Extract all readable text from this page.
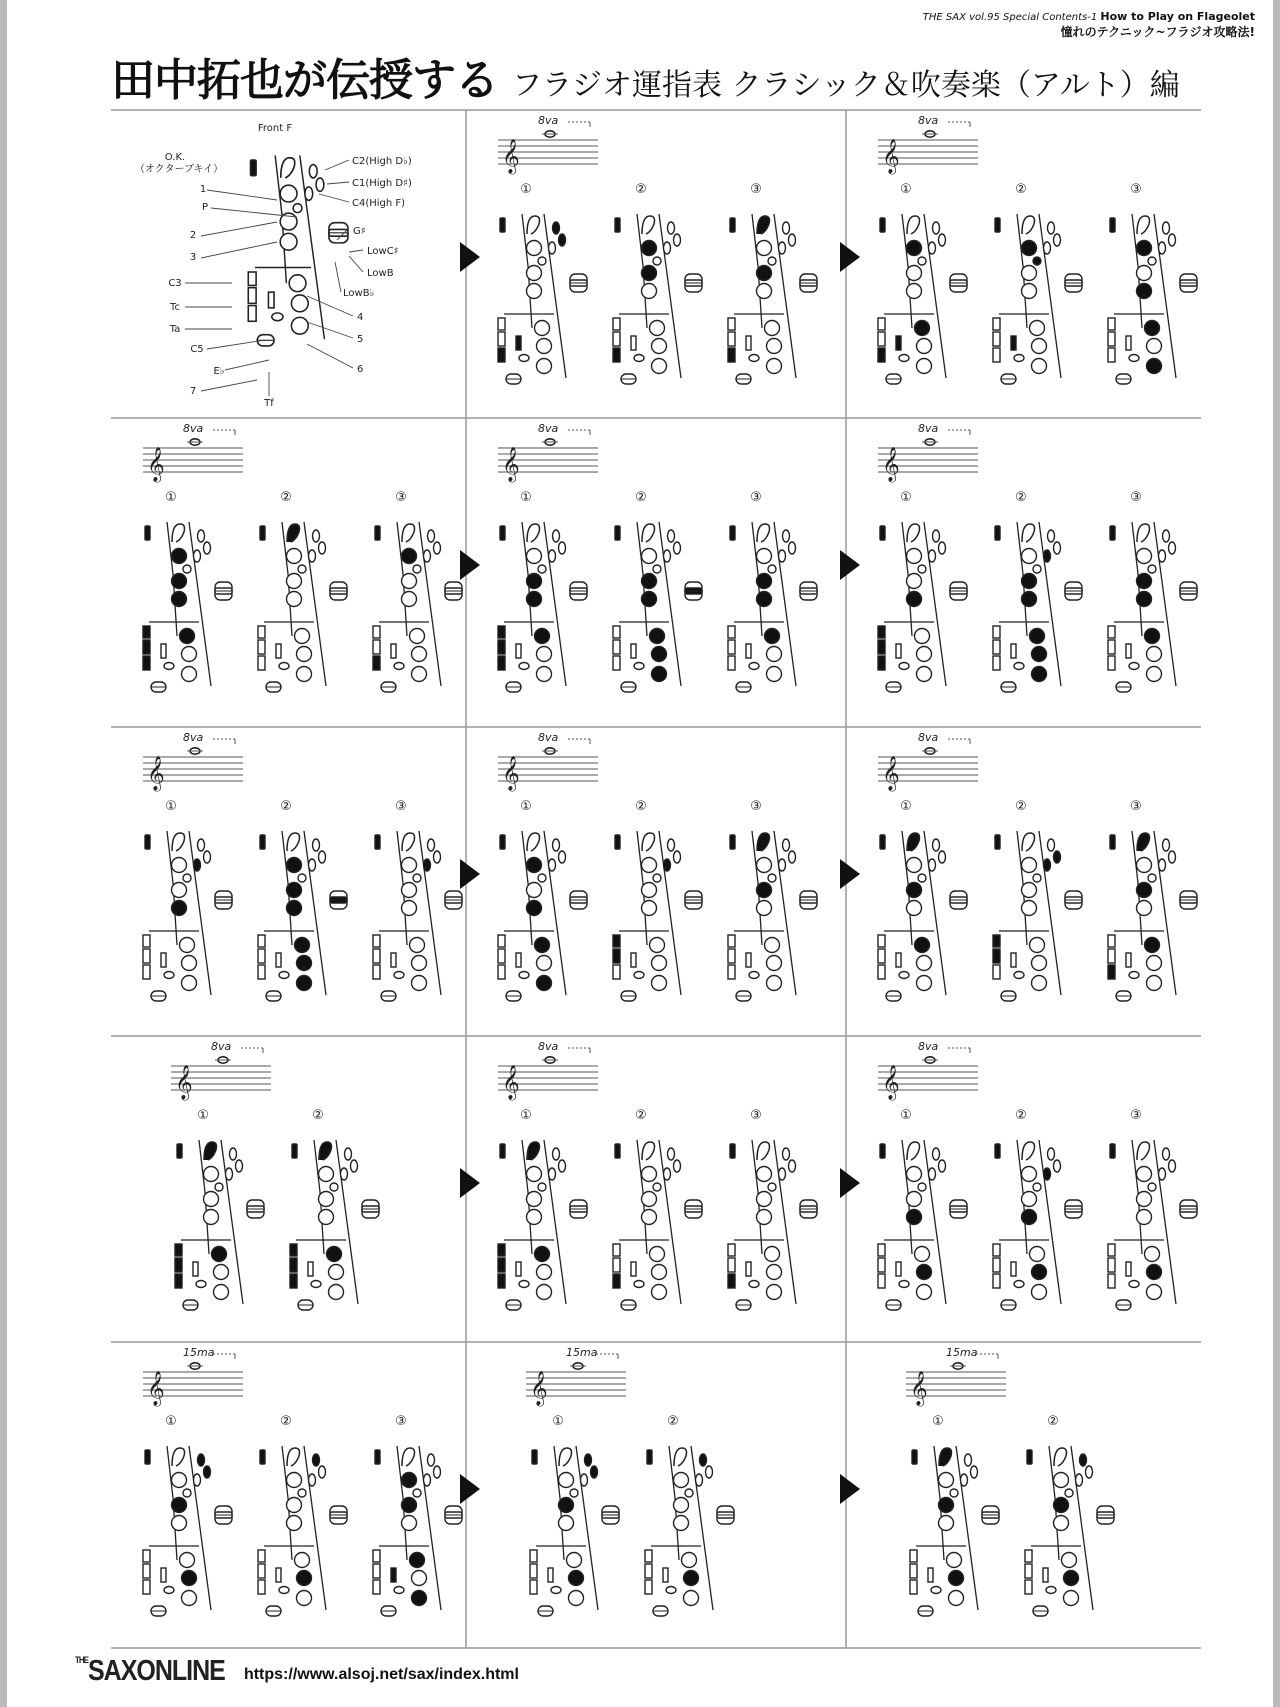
THE SAX vol.95 Special Contents-1 How to Play on Flageolet
憧れのテクニック~フラジオ攻略法!
田中拓也が伝授する フラジオ運指表 クラシック＆吹奏楽（アルト）編
𝄞
8va
①	②	③
𝄞
8va
①	②	③
𝄞
8va
①	②	③
𝄞
8va
①	②	③
𝄞
8va
①	②	③
𝄞
8va
①	②	③
𝄞
8va
①	②	③
𝄞
8va
①	②	③
𝄞
8va
①	②
𝄞
8va
①	②	③
𝄞
8va
①	②	③
𝄞
15ma
①	②	③
𝄞
15ma
①	②
𝄞
15ma
①	②
Front F
O.K.
（オクターブキイ）
1
P
2
3
C3
Tc
Ta
C5
E♭
7
Tf
C2(High D♭)
C1(High D♯)
C4(High F)
G♯
LowC♯
LowB
LowB♭
4
5
6
$^{THE}$SAXONLINE https://www.alsoj.net/sax/index.html
